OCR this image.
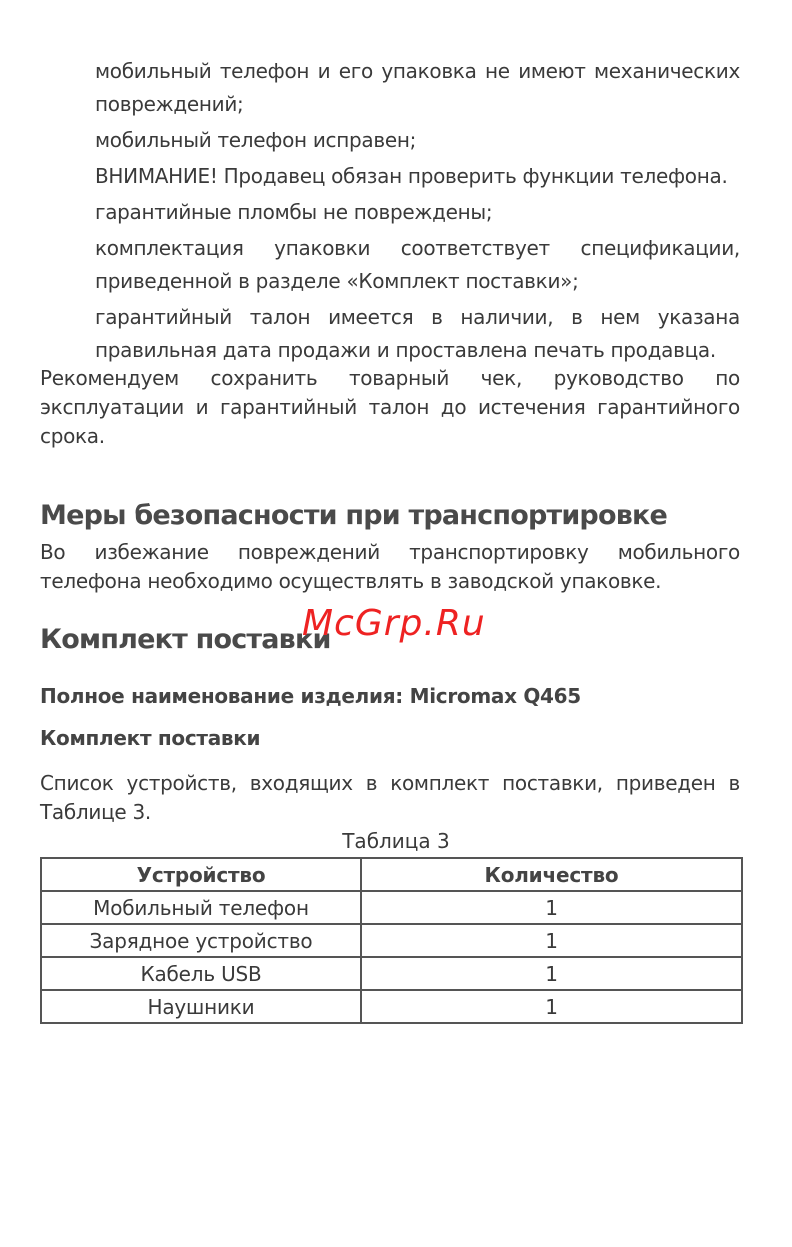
мобильный телефон и его упаковка не имеют механических повреждений;

мобильный телефон исправен;

ВНИМАНИЕ! Продавец обязан проверить функции телефона.

гарантийные пломбы не повреждены;

комплектация упаковки соответствует спецификации, приведенной в разделе «Комплект поставки»;

гарантийный талон имеется в наличии, в нем указана правильная дата продажи и проставлена печать продавца.

Рекомендуем сохранить товарный чек, руководство по эксплуатации и гарантийный талон до истечения гарантийного срока.

Меры безопасности при транспортировке

Во избежание повреждений транспортировку мобильного телефона необходимо осуществлять в заводской упаковке.

Комплект поставки
Полное наименование изделия: Micromax Q465
Комплект поставки

Список устройств, входящих в комплект поставки, приведен в Таблице 3.

McGrp.Ru
Таблица 3
Устройство	Количество
Мобильный телефон	1
Зарядное устройство	1
Кабель USB	1
Наушники	1
